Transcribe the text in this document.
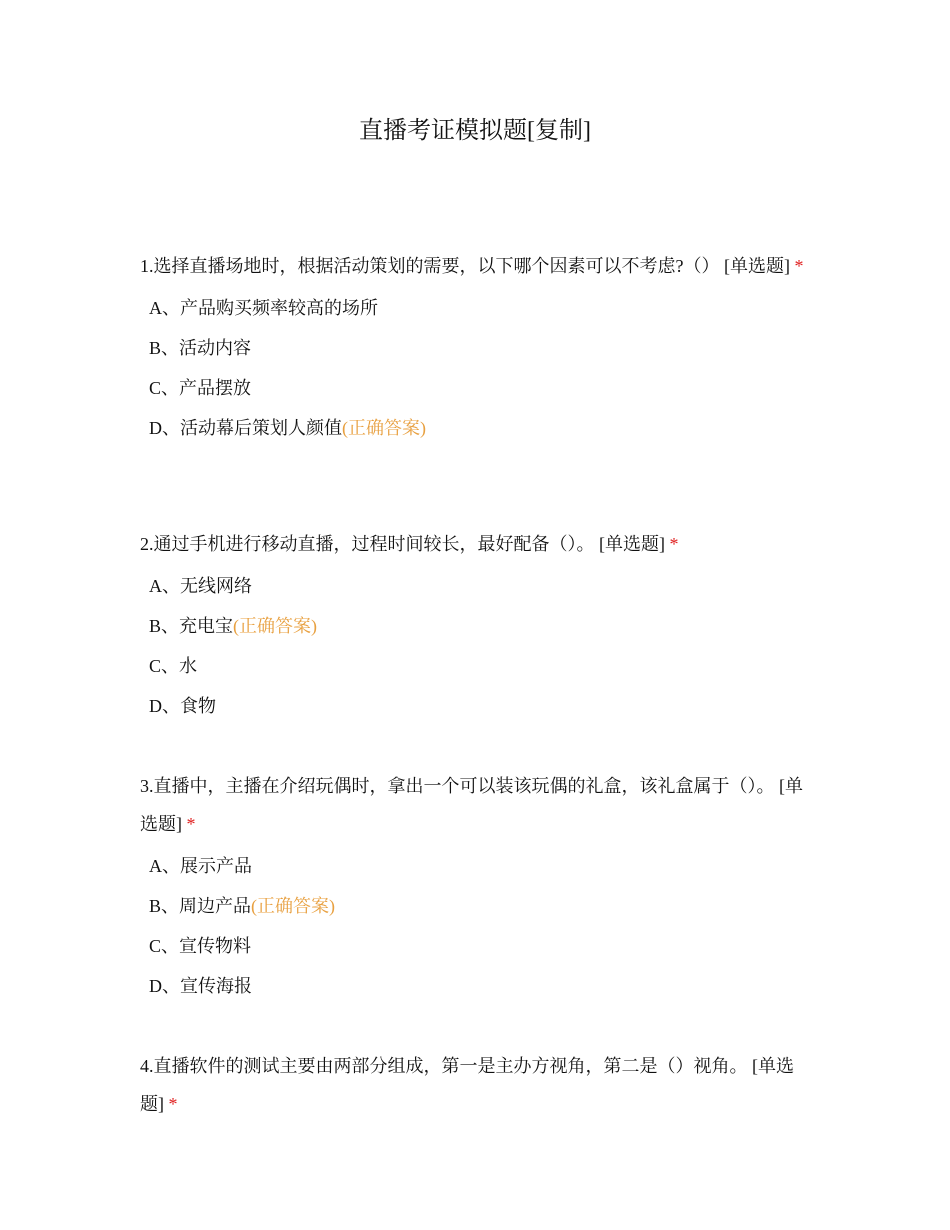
直播考证模拟题[复制]
1.选择直播场地时，根据活动策划的需要，以下哪个因素可以不考虑?（） [单选题] *
A、产品购买频率较高的场所
B、活动内容
C、产品摆放
D、活动幕后策划人颜值(正确答案)
2.通过手机进行移动直播，过程时间较长，最好配备（）。 [单选题] *
A、无线网络
B、充电宝(正确答案)
C、水
D、食物
3.直播中，主播在介绍玩偶时，拿出一个可以装该玩偶的礼盒，该礼盒属于（）。 [单选题] *
A、展示产品
B、周边产品(正确答案)
C、宣传物料
D、宣传海报
4.直播软件的测试主要由两部分组成，第一是主办方视角，第二是（）视角。 [单选题] *
